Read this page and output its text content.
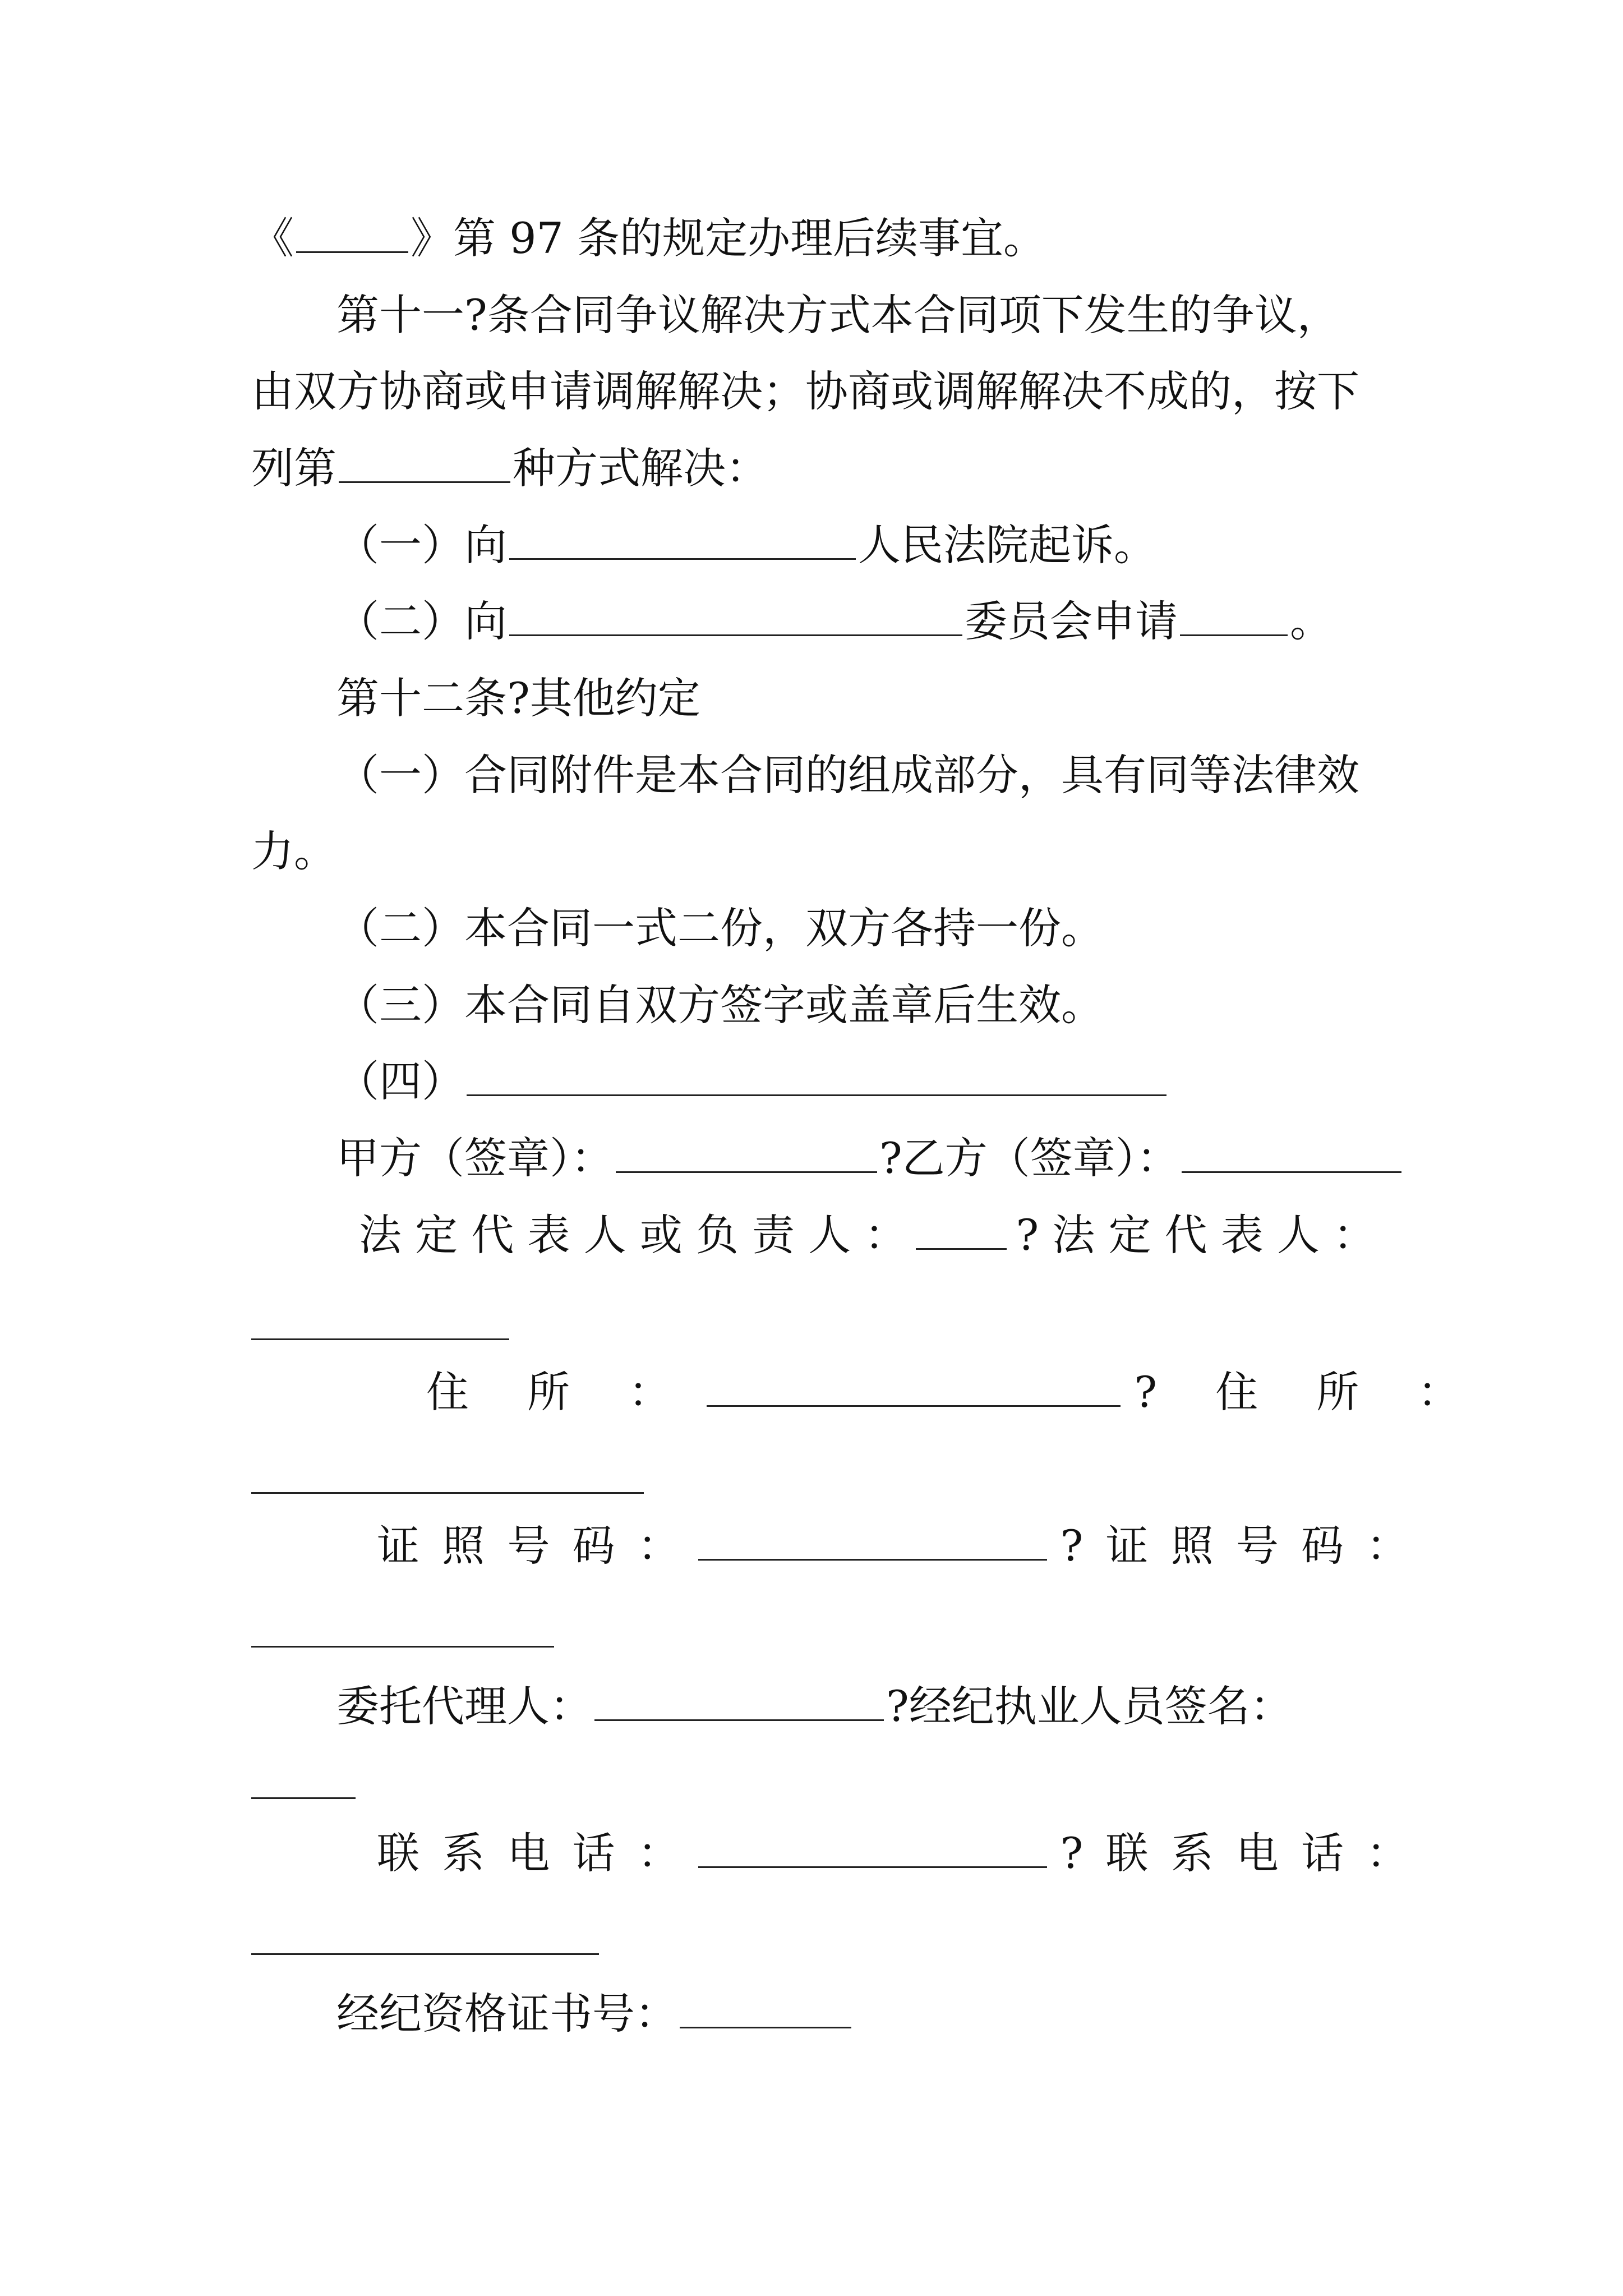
《	》第 97 条的规定办理后续事宜。
第十一?条合同争议解决方式本合同项下发生的争议，
由双方协商或申请调解解决；协商或调解解决不成的，按下
列第	种方式解决：
（一）向	人民法院起诉。
（二）向	委员会申请	。
第十二条?其他约定
（一）合同附件是本合同的组成部分，具有同等法律效
力。
（二）本合同一式二份，双方各持一份。
（三）本合同自双方签字或盖章后生效。
（四）
甲方（签章）：	?乙方（签章）：
法 定 代 表 人 或 负 责 人 ：	? 法 定 代 表 人 ：
住 所 ：	? 住 所 ：
证 照 号 码 ：	? 证 照 号 码 ：
委托代理人：	?经纪执业人员签名：
联 系 电 话 ：	? 联 系 电 话 ：
经纪资格证书号：
